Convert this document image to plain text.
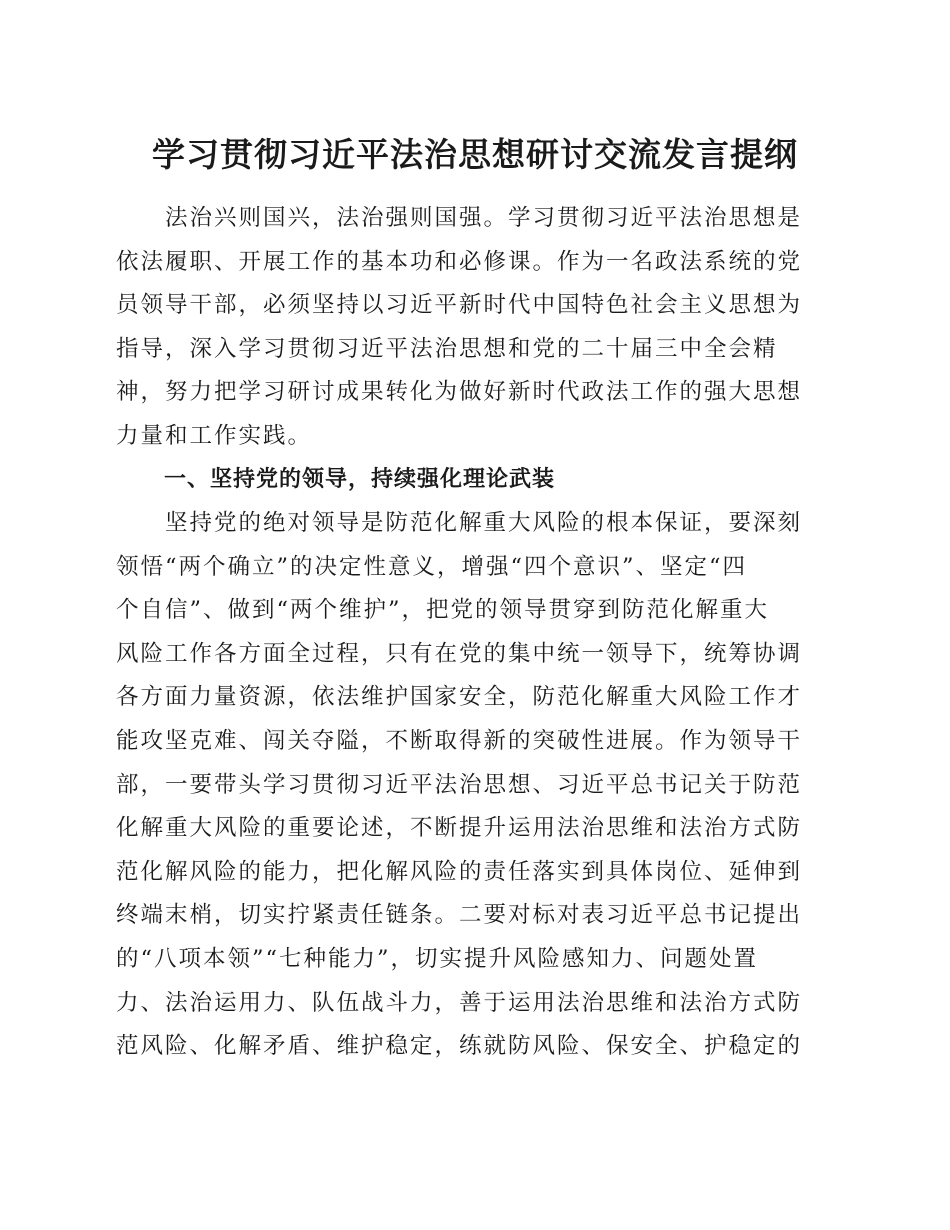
学习贯彻习近平法治思想研讨交流发言提纲
　　法治兴则国兴，法治强则国强。学习贯彻习近平法治思想是
依法履职、开展工作的基本功和必修课。作为一名政法系统的党
员领导干部，必须坚持以习近平新时代中国特色社会主义思想为
指导，深入学习贯彻习近平法治思想和党的二十届三中全会精
神，努力把学习研讨成果转化为做好新时代政法工作的强大思想
力量和工作实践。
一、坚持党的领导，持续强化理论武装
　　坚持党的绝对领导是防范化解重大风险的根本保证，要深刻
领悟“两个确立”的决定性意义，增强“四个意识”、坚定“四
个自信”、做到“两个维护”，把党的领导贯穿到防范化解重大
风险工作各方面全过程，只有在党的集中统一领导下，统筹协调
各方面力量资源，依法维护国家安全，防范化解重大风险工作才
能攻坚克难、闯关夺隘，不断取得新的突破性进展。作为领导干
部，一要带头学习贯彻习近平法治思想、习近平总书记关于防范
化解重大风险的重要论述，不断提升运用法治思维和法治方式防
范化解风险的能力，把化解风险的责任落实到具体岗位、延伸到
终端末梢，切实拧紧责任链条。二要对标对表习近平总书记提出
的“八项本领”“七种能力”，切实提升风险感知力、问题处置
力、法治运用力、队伍战斗力，善于运用法治思维和法治方式防
范风险、化解矛盾、维护稳定，练就防风险、保安全、护稳定的
